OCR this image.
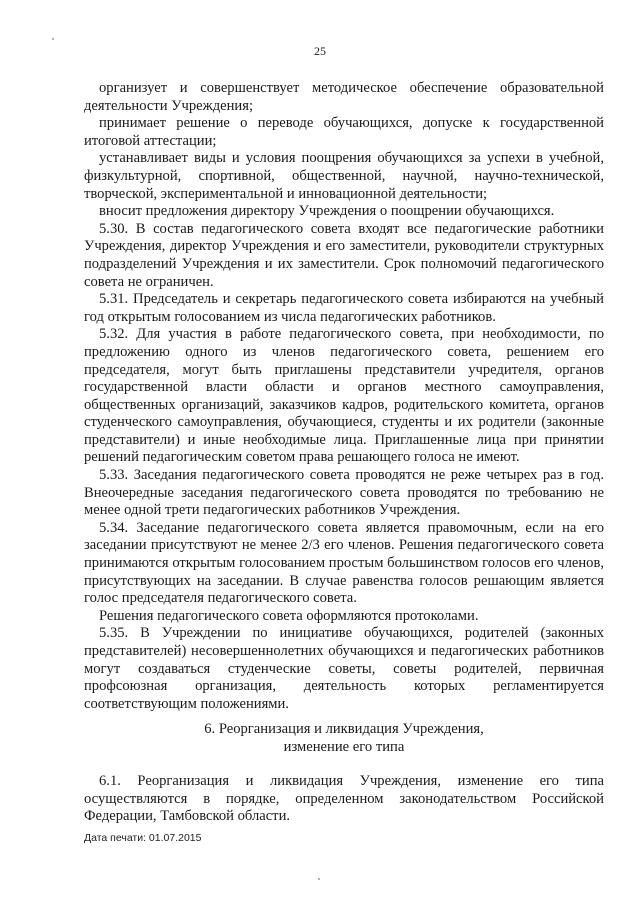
25

организует и совершенствует методическое обеспечение образовательной деятельности Учреждения;

принимает решение о переводе обучающихся, допуске к государственной итоговой аттестации;

устанавливает виды и условия поощрения обучающихся за успехи в учебной, физкультурной, спортивной, общественной, научной, научно-технической, творческой, экспериментальной и инновационной деятельности;

вносит предложения директору Учреждения о поощрении обучающихся.

5.30. В состав педагогического совета входят все педагогические работники Учреждения, директор Учреждения и его заместители, руководители структурных подразделений Учреждения и их заместители. Срок полномочий педагогического совета не ограничен.

5.31. Председатель и секретарь педагогического совета избираются на учебный год открытым голосованием из числа педагогических работников.

5.32. Для участия в работе педагогического совета, при необходимости, по предложению одного из членов педагогического совета, решением его председателя, могут быть приглашены представители учредителя, органов государственной власти области и органов местного самоуправления, общественных организаций, заказчиков кадров, родительского комитета, органов студенческого самоуправления, обучающиеся, студенты и их родители (законные представители) и иные необходимые лица. Приглашенные лица при принятии решений педагогическим советом права решающего голоса не имеют.

5.33. Заседания педагогического совета проводятся не реже четырех раз в год. Внеочередные заседания педагогического совета проводятся по требованию не менее одной трети педагогических работников Учреждения.

5.34. Заседание педагогического совета является правомочным, если на его заседании присутствуют не менее 2/3 его членов. Решения педагогического совета принимаются открытым голосованием простым большинством голосов его членов, присутствующих на заседании. В случае равенства голосов решающим является голос председателя педагогического совета.

Решения педагогического совета оформляются протоколами.

5.35. В Учреждении по инициативе обучающихся, родителей (законных представителей) несовершеннолетних обучающихся и педагогических работников могут создаваться студенческие советы, советы родителей, первичная профсоюзная организация, деятельность которых регламентируется соответствующим положениями.

6. Реорганизация и ликвидация Учреждения,
изменение его типа

6.1. Реорганизация и ликвидация Учреждения, изменение его типа осуществляются в порядке, определенном законодательством Российской Федерации, Тамбовской области.

Дата печати: 01.07.2015
